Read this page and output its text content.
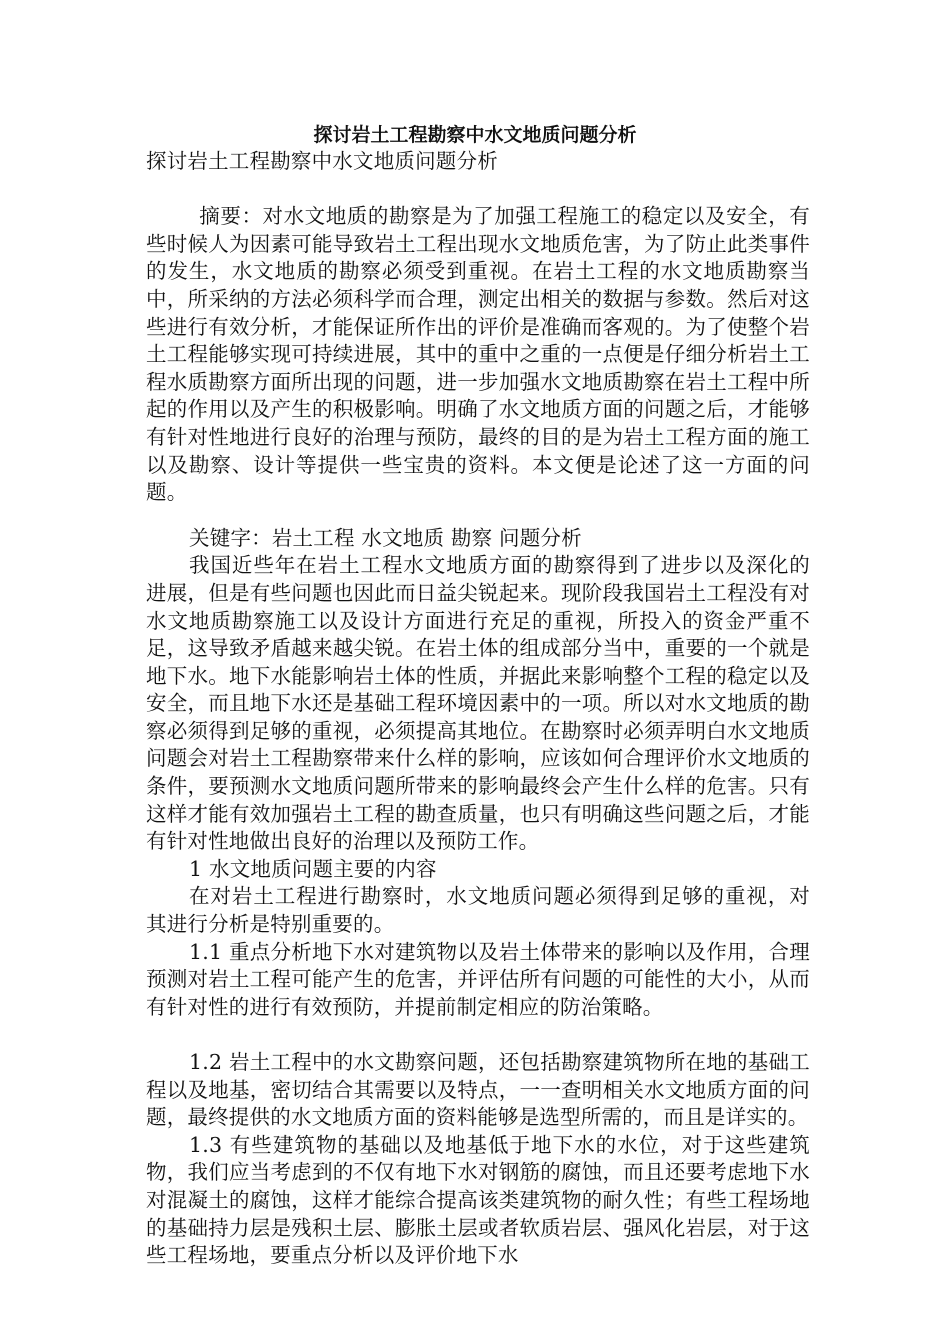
探讨岩土工程勘察中水文地质问题分析

探讨岩土工程勘察中水文地质问题分析

摘要：对水文地质的勘察是为了加强工程施工的稳定以及安全，有些时候人为因素可能导致岩土工程出现水文地质危害，为了防止此类事件的发生，水文地质的勘察必须受到重视。在岩土工程的水文地质勘察当中，所采纳的方法必须科学而合理，测定出相关的数据与参数。然后对这些进行有效分析，才能保证所作出的评价是准确而客观的。为了使整个岩土工程能够实现可持续进展，其中的重中之重的一点便是仔细分析岩土工程水质勘察方面所出现的问题，进一步加强水文地质勘察在岩土工程中所起的作用以及产生的积极影响。明确了水文地质方面的问题之后，才能够有针对性地进行良好的治理与预防，最终的目的是为岩土工程方面的施工以及勘察、设计等提供一些宝贵的资料。本文便是论述了这一方面的问题。

关键字：岩土工程 水文地质 勘察 问题分析

我国近些年在岩土工程水文地质方面的勘察得到了进步以及深化的进展，但是有些问题也因此而日益尖锐起来。现阶段我国岩土工程没有对水文地质勘察施工以及设计方面进行充足的重视，所投入的资金严重不足，这导致矛盾越来越尖锐。在岩土体的组成部分当中，重要的一个就是地下水。地下水能影响岩土体的性质，并据此来影响整个工程的稳定以及安全，而且地下水还是基础工程环境因素中的一项。所以对水文地质的勘察必须得到足够的重视，必须提高其地位。在勘察时必须弄明白水文地质问题会对岩土工程勘察带来什么样的影响，应该如何合理评价水文地质的条件，要预测水文地质问题所带来的影响最终会产生什么样的危害。只有这样才能有效加强岩土工程的勘查质量，也只有明确这些问题之后，才能有针对性地做出良好的治理以及预防工作。

1 水文地质问题主要的内容

在对岩土工程进行勘察时，水文地质问题必须得到足够的重视，对其进行分析是特别重要的。

1.1 重点分析地下水对建筑物以及岩土体带来的影响以及作用，合理预测对岩土工程可能产生的危害，并评估所有问题的可能性的大小，从而有针对性的进行有效预防，并提前制定相应的防治策略。

1.2 岩土工程中的水文勘察问题，还包括勘察建筑物所在地的基础工程以及地基，密切结合其需要以及特点，一一查明相关水文地质方面的问题，最终提供的水文地质方面的资料能够是选型所需的，而且是详实的。

1.3 有些建筑物的基础以及地基低于地下水的水位，对于这些建筑物，我们应当考虑到的不仅有地下水对钢筋的腐蚀，而且还要考虑地下水对混凝土的腐蚀，这样才能综合提高该类建筑物的耐久性；有些工程场地的基础持力层是残积土层、膨胀土层或者软质岩层、强风化岩层，对于这些工程场地，要重点分析以及评价地下水
